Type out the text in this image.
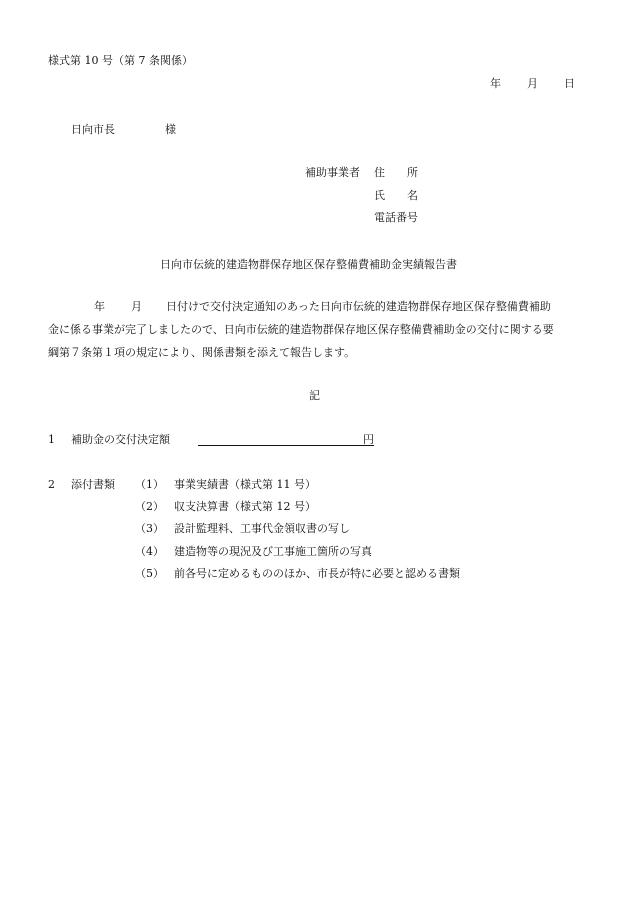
様式第 10 号（第 7 条関係）
年 月 日
日向市長	様
補助事業者 住　　所
氏　　名
電話番号
日向市伝統的建造物群保存地区保存整備費補助金実績報告書
年 月 日付けで交付決定通知のあった日向市伝統的建造物群保存地区保存整備費補助
金に係る事業が完了しましたので、日向市伝統的建造物群保存地区保存整備費補助金の交付に関する要
綱第７条第１項の規定により、関係書類を添えて報告します。
記
1 補助金の交付決定額	円
2 添付書類 （1） 事業実績書（様式第 11 号）
（2） 収支決算書（様式第 12 号）
（3） 設計監理料、工事代金領収書の写し
（4） 建造物等の現況及び工事施工箇所の写真
（5） 前各号に定めるもののほか、市長が特に必要と認める書類
